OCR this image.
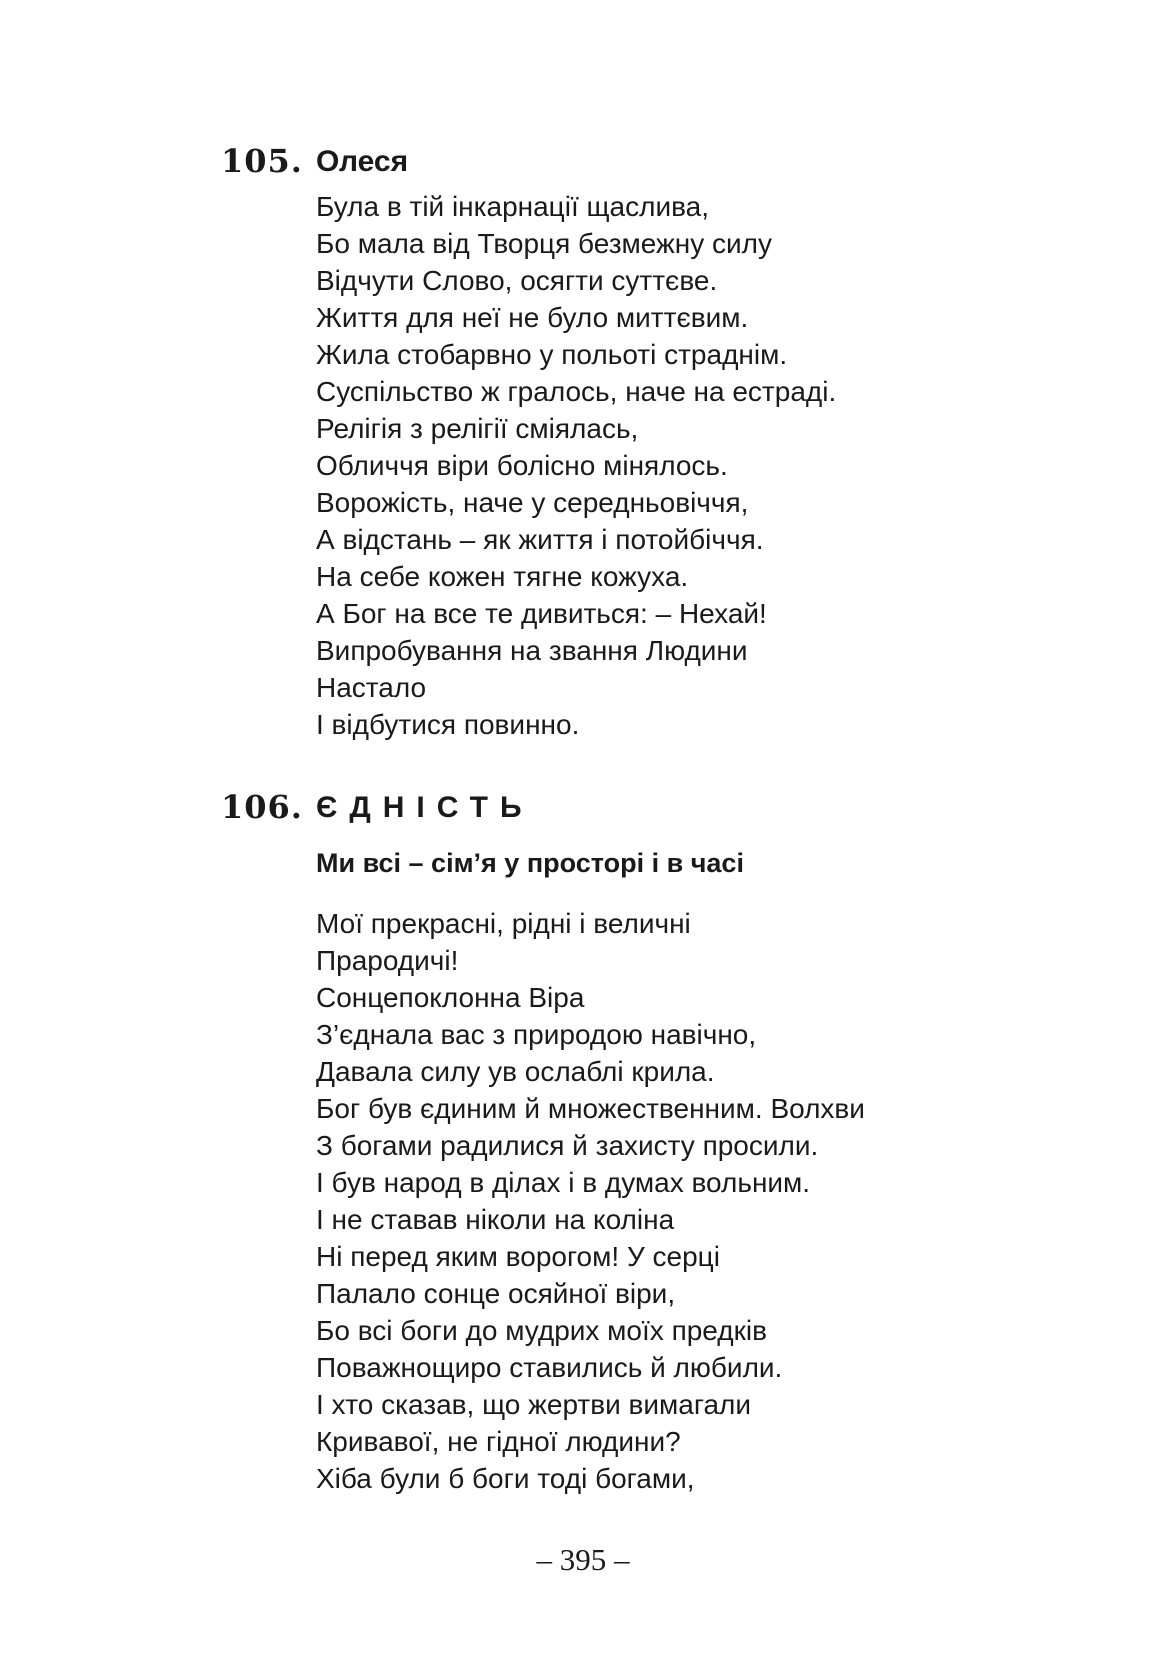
105. Олеся
Була в тій інкарнації щаслива,
Бо мала від Творця безмежну силу
Відчути Слово, осягти суттєве.
Життя для неї не було миттєвим.
Жила стобарвно у польоті страднім.
Суспільство ж гралось, наче на естраді.
Релігія з релігії сміялась,
Обличчя віри болісно мінялось.
Ворожість, наче у середньовіччя,
А відстань – як життя і потойбіччя.
На себе кожен тягне кожуха.
А Бог на все те дивиться: – Нехай!
Випробування на звання Людини
Настало
І відбутися повинно.
106. ЄДНІСТЬ
Ми всі – сім’я у просторі і в часі
Мої прекрасні, рідні і величні
Прародичі!
Сонцепоклонна Віра
З’єднала вас з природою навічно,
Давала силу ув ослаблі крила.
Бог був єдиним й множественним. Волхви
З богами радилися й захисту просили.
І був народ в ділах і в думах вольним.
І не ставав ніколи на коліна
Ні перед яким ворогом! У серці
Палало сонце осяйної віри,
Бо всі боги до мудрих моїх предків
Поважнощиро ставились й любили.
І хто сказав, що жертви вимагали
Кривавої, не гідної людини?
Хіба були б боги тоді богами,
– 395 –
